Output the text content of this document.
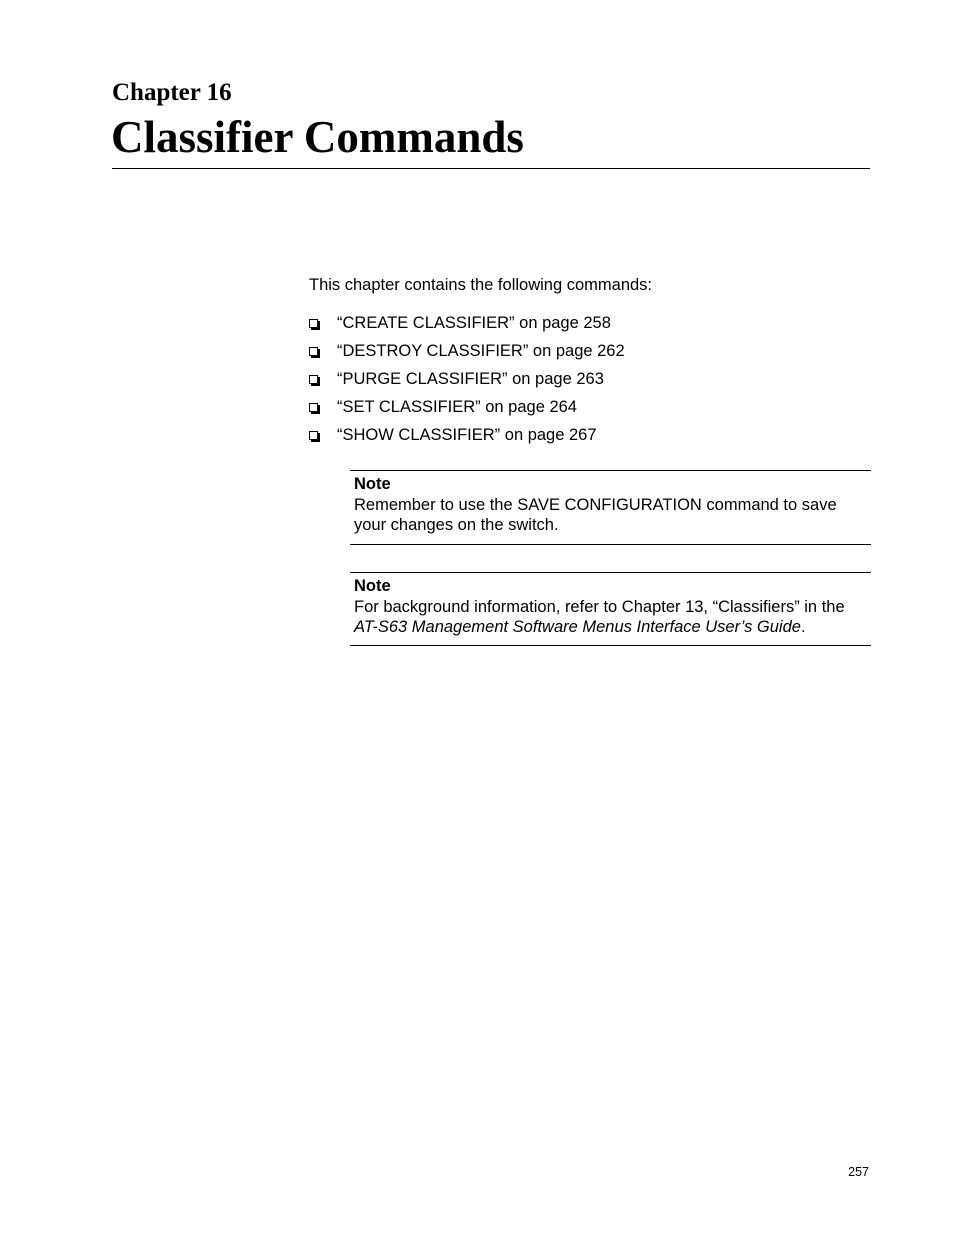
Chapter 16
Classifier Commands

This chapter contains the following commands:

“CREATE CLASSIFIER” on page 258
“DESTROY CLASSIFIER” on page 262
“PURGE CLASSIFIER” on page 263
“SET CLASSIFIER” on page 264
“SHOW CLASSIFIER” on page 267

Note

Remember to use the SAVE CONFIGURATION command to save your changes on the switch.

Note

For background information, refer to Chapter 13, “Classifiers” in the AT-S63 Management Software Menus Interface User’s Guide.

257
